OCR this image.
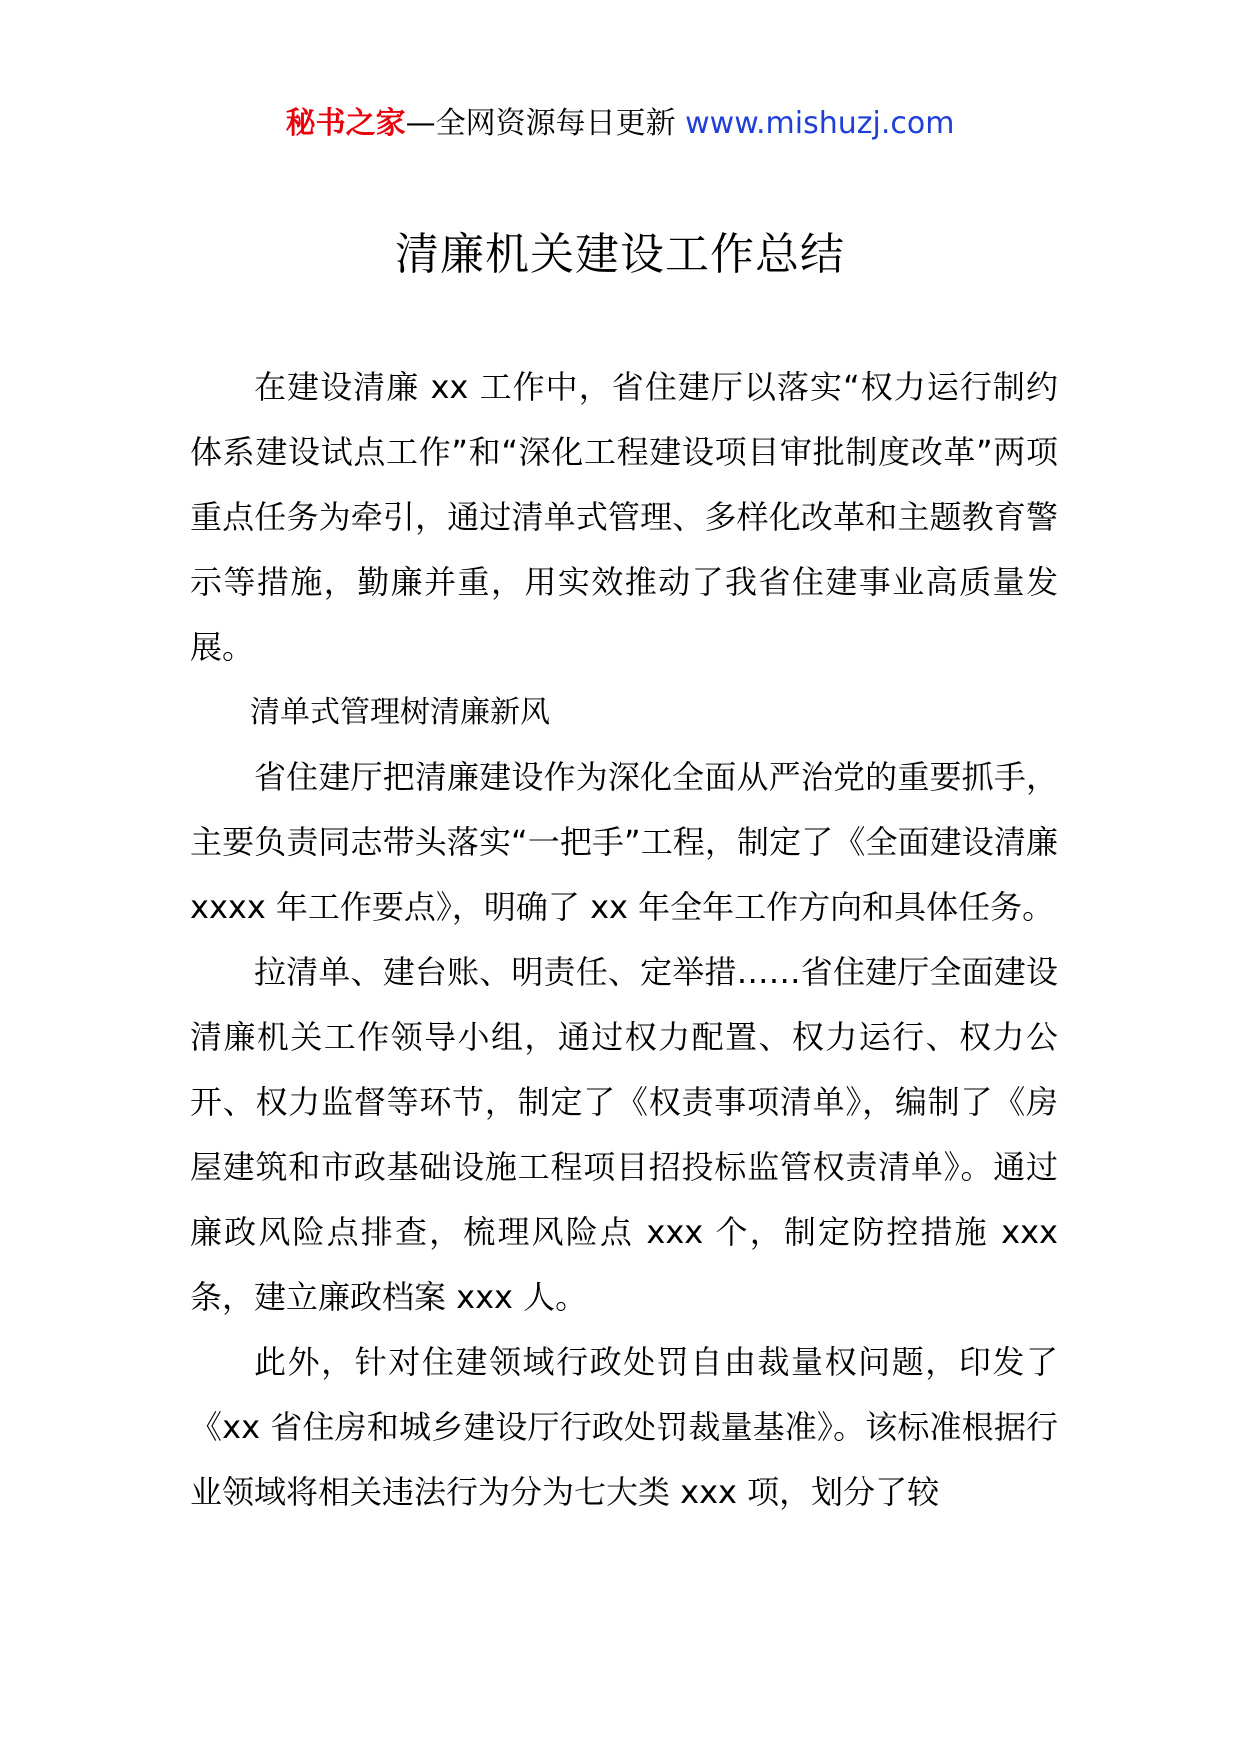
秘书之家—全网资源每日更新 www.mishuzj.com
清廉机关建设工作总结

在建设清廉 xx 工作中，省住建厅以落实“权力运行制约体系建设试点工作”和“深化工程建设项目审批制度改革”两项重点任务为牵引，通过清单式管理、多样化改革和主题教育警示等措施，勤廉并重，用实效推动了我省住建事业高质量发展。

清单式管理树清廉新风

省住建厅把清廉建设作为深化全面从严治党的重要抓手，主要负责同志带头落实“一把手”工程，制定了《全面建设清廉 xxxx 年工作要点》，明确了 xx 年全年工作方向和具体任务。

拉清单、建台账、明责任、定举措……省住建厅全面建设清廉机关工作领导小组，通过权力配置、权力运行、权力公开、权力监督等环节，制定了《权责事项清单》，编制了《房屋建筑和市政基础设施工程项目招投标监管权责清单》。通过廉政风险点排查，梳理风险点 xxx 个，制定防控措施 xxx 条，建立廉政档案 xxx 人。

此外，针对住建领域行政处罚自由裁量权问题，印发了《xx 省住房和城乡建设厅行政处罚裁量基准》。该标准根据行业领域将相关违法行为分为七大类 xxx 项，划分了较
